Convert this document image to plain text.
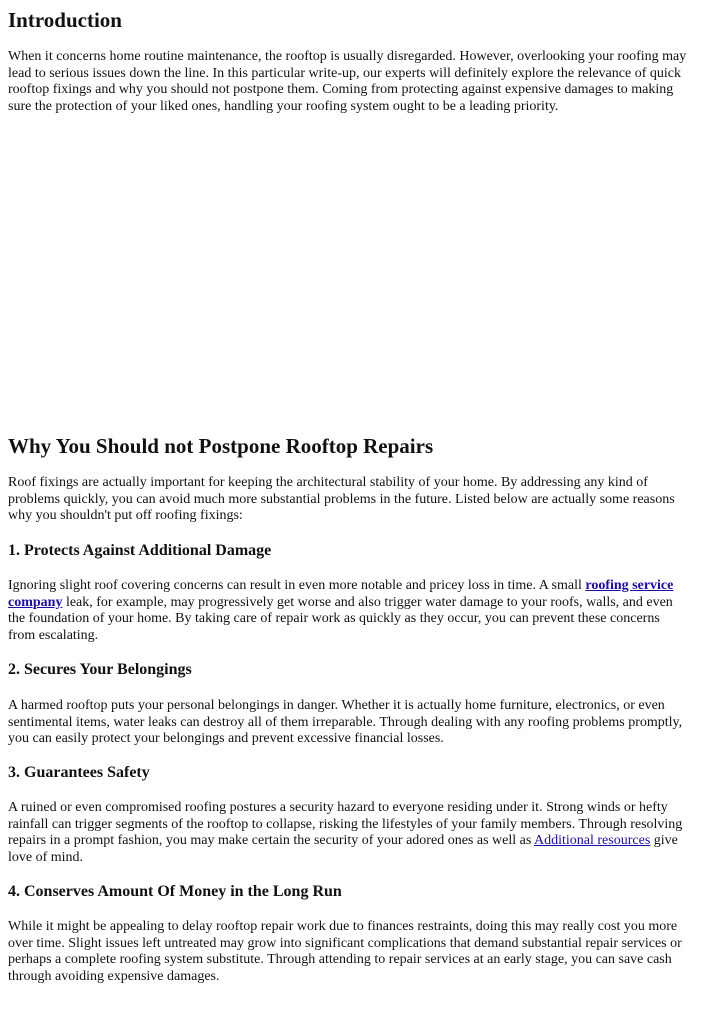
Introduction
When it concerns home routine maintenance, the rooftop is usually disregarded. However, overlooking your roofing may
lead to serious issues down the line. In this particular write-up, our experts will definitely explore the relevance of quick
rooftop fixings and why you should not postpone them. Coming from protecting against expensive damages to making
sure the protection of your liked ones, handling your roofing system ought to be a leading priority.
Why You Should not Postpone Rooftop Repairs
Roof fixings are actually important for keeping the architectural stability of your home. By addressing any kind of
problems quickly, you can avoid much more substantial problems in the future. Listed below are actually some reasons
why you shouldn't put off roofing fixings:
1. Protects Against Additional Damage
Ignoring slight roof covering concerns can result in even more notable and pricey loss in time. A small roofing service
company leak, for example, may progressively get worse and also trigger water damage to your roofs, walls, and even
the foundation of your home. By taking care of repair work as quickly as they occur, you can prevent these concerns
from escalating.
2. Secures Your Belongings
A harmed rooftop puts your personal belongings in danger. Whether it is actually home furniture, electronics, or even
sentimental items, water leaks can destroy all of them irreparable. Through dealing with any roofing problems promptly,
you can easily protect your belongings and prevent excessive financial losses.
3. Guarantees Safety
A ruined or even compromised roofing postures a security hazard to everyone residing under it. Strong winds or hefty
rainfall can trigger segments of the rooftop to collapse, risking the lifestyles of your family members. Through resolving
repairs in a prompt fashion, you may make certain the security of your adored ones as well as Additional resources give
love of mind.
4. Conserves Amount Of Money in the Long Run
While it might be appealing to delay rooftop repair work due to finances restraints, doing this may really cost you more
over time. Slight issues left untreated may grow into significant complications that demand substantial repair services or
perhaps a complete roofing system substitute. Through attending to repair services at an early stage, you can save cash
through avoiding expensive damages.
